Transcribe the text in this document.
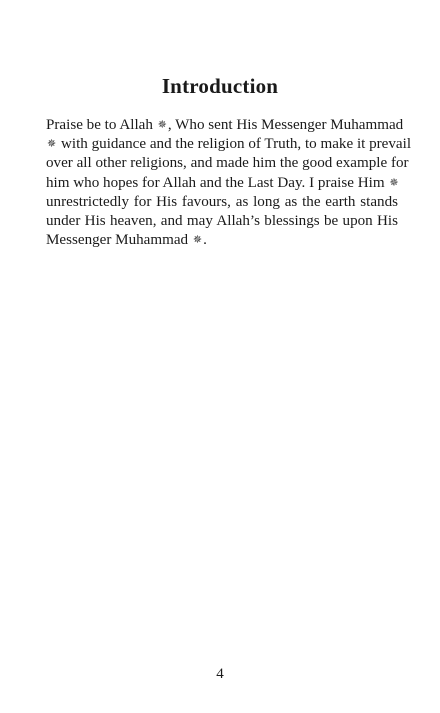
Introduction

Praise be to Allah ✵, Who sent His Messenger Muhammad
✵ with guidance and the religion of Truth, to make it prevail
over all other religions, and made him the good example for
him who hopes for Allah and the Last Day. I praise Him ✵
unrestrictedly for His favours, as long as the earth stands
under His heaven, and may Allah’s blessings be upon His
Messenger Muhammad ✵.

4
